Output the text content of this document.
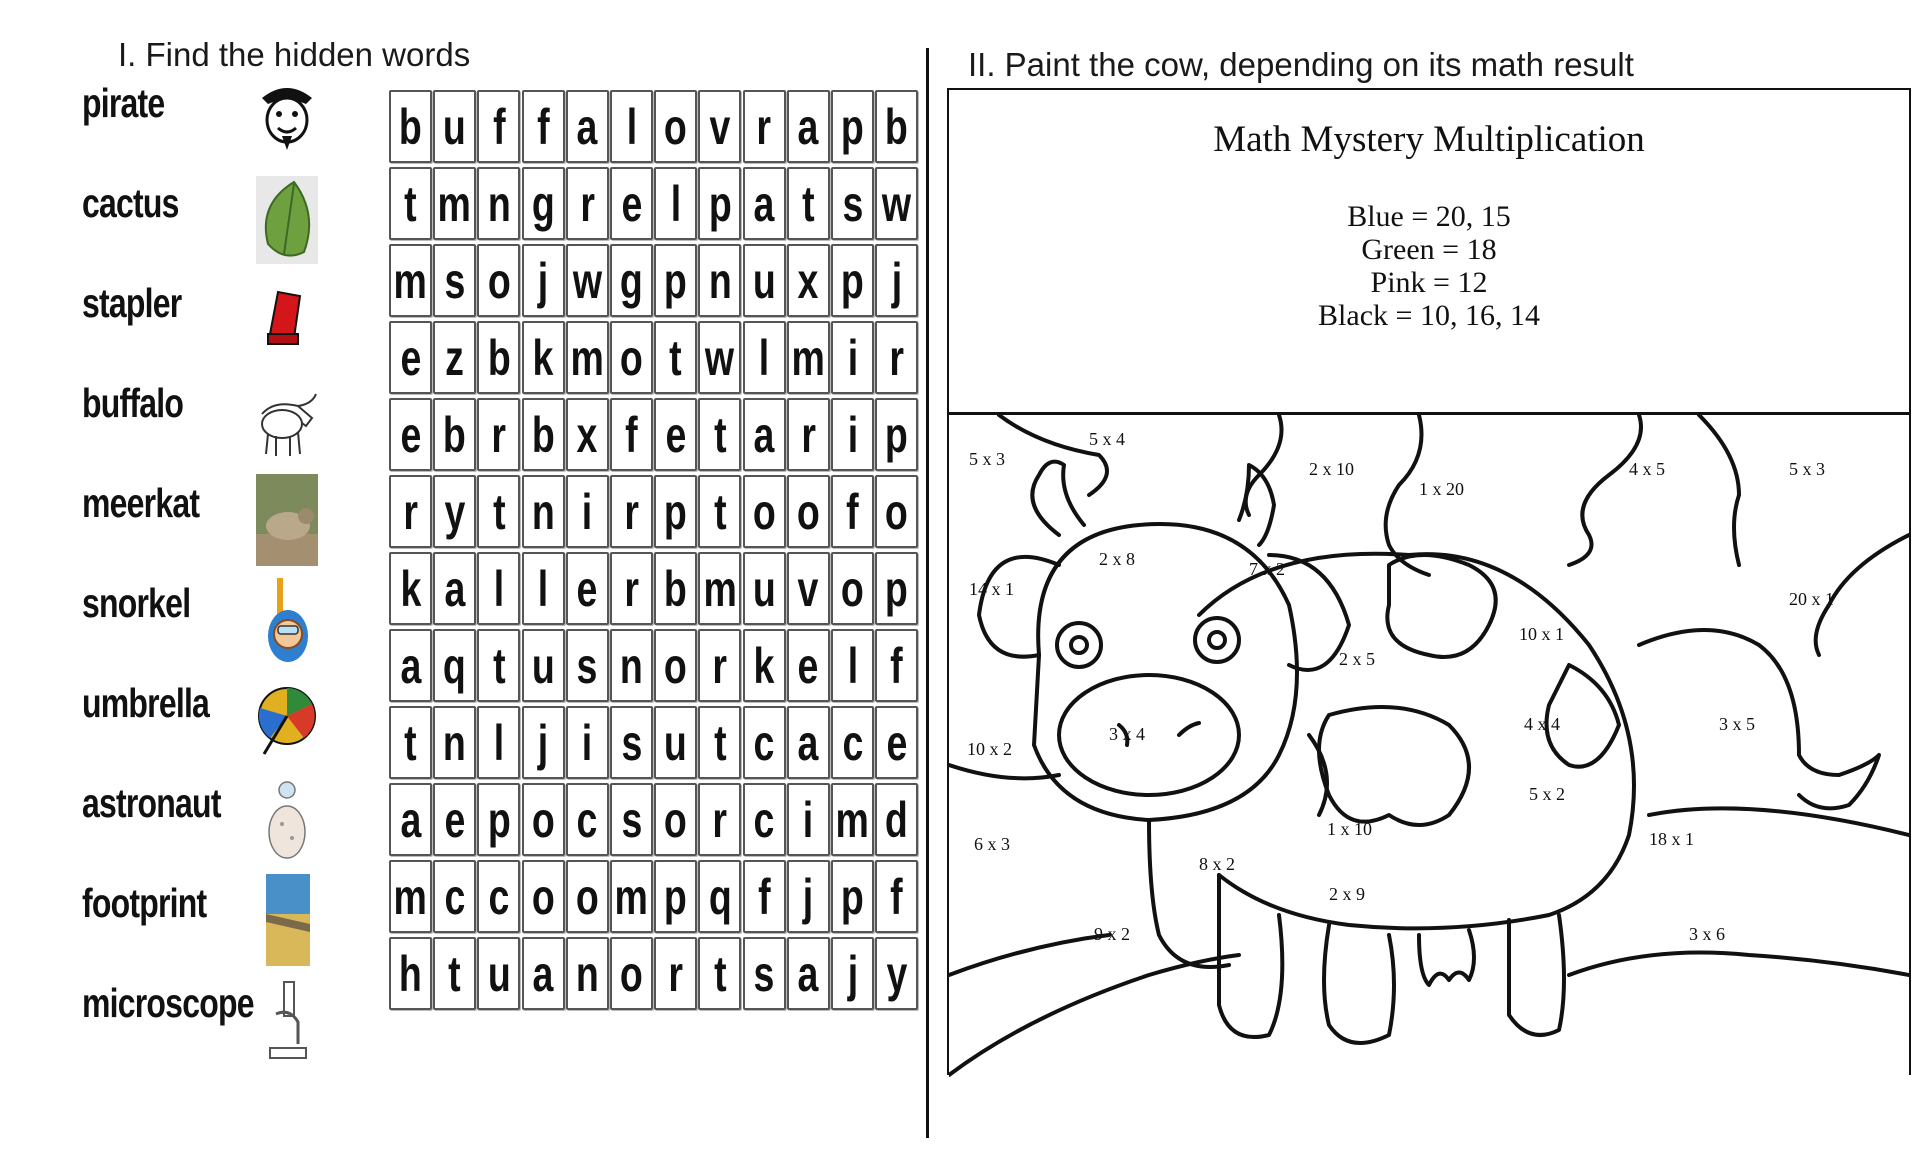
I. Find the hidden words	II. Paint the cow, depending on its math result
pirate
cactus
stapler
buffalo
meerkat
snorkel
umbrella
astronaut
footprint
microscope
b u f f a l o v r a p b
t m n g r e l p a t s w
m s o j w g p n u x p j
e z b k m o t w l m i r
e b r b x f e t a r i p
r y t n i r p t o o f o
k a l l e r b m u v o p
a q t u s n o r k e l f
t n l j i s u t c a c e
a e p o c s o r c i m d
m c c o o m p q f j p f
h t u a n o r t s a j y
Math Mystery Multiplication
Blue = 20, 15
Green = 18
Pink = 12
Black = 10, 16, 14
5 x 3
5 x 4
2 x 10
1 x 20
4 x 5	5 x 3
14 x 1
2 x 8	7 x 2
20 x 1
10 x 1
2 x 5
3 x 4	4 x 4	3 x 5
10 x 2
5 x 2
6 x 3
1 x 10
8 x 2
18 x 1
2 x 9
9 x 2	3 x 6
